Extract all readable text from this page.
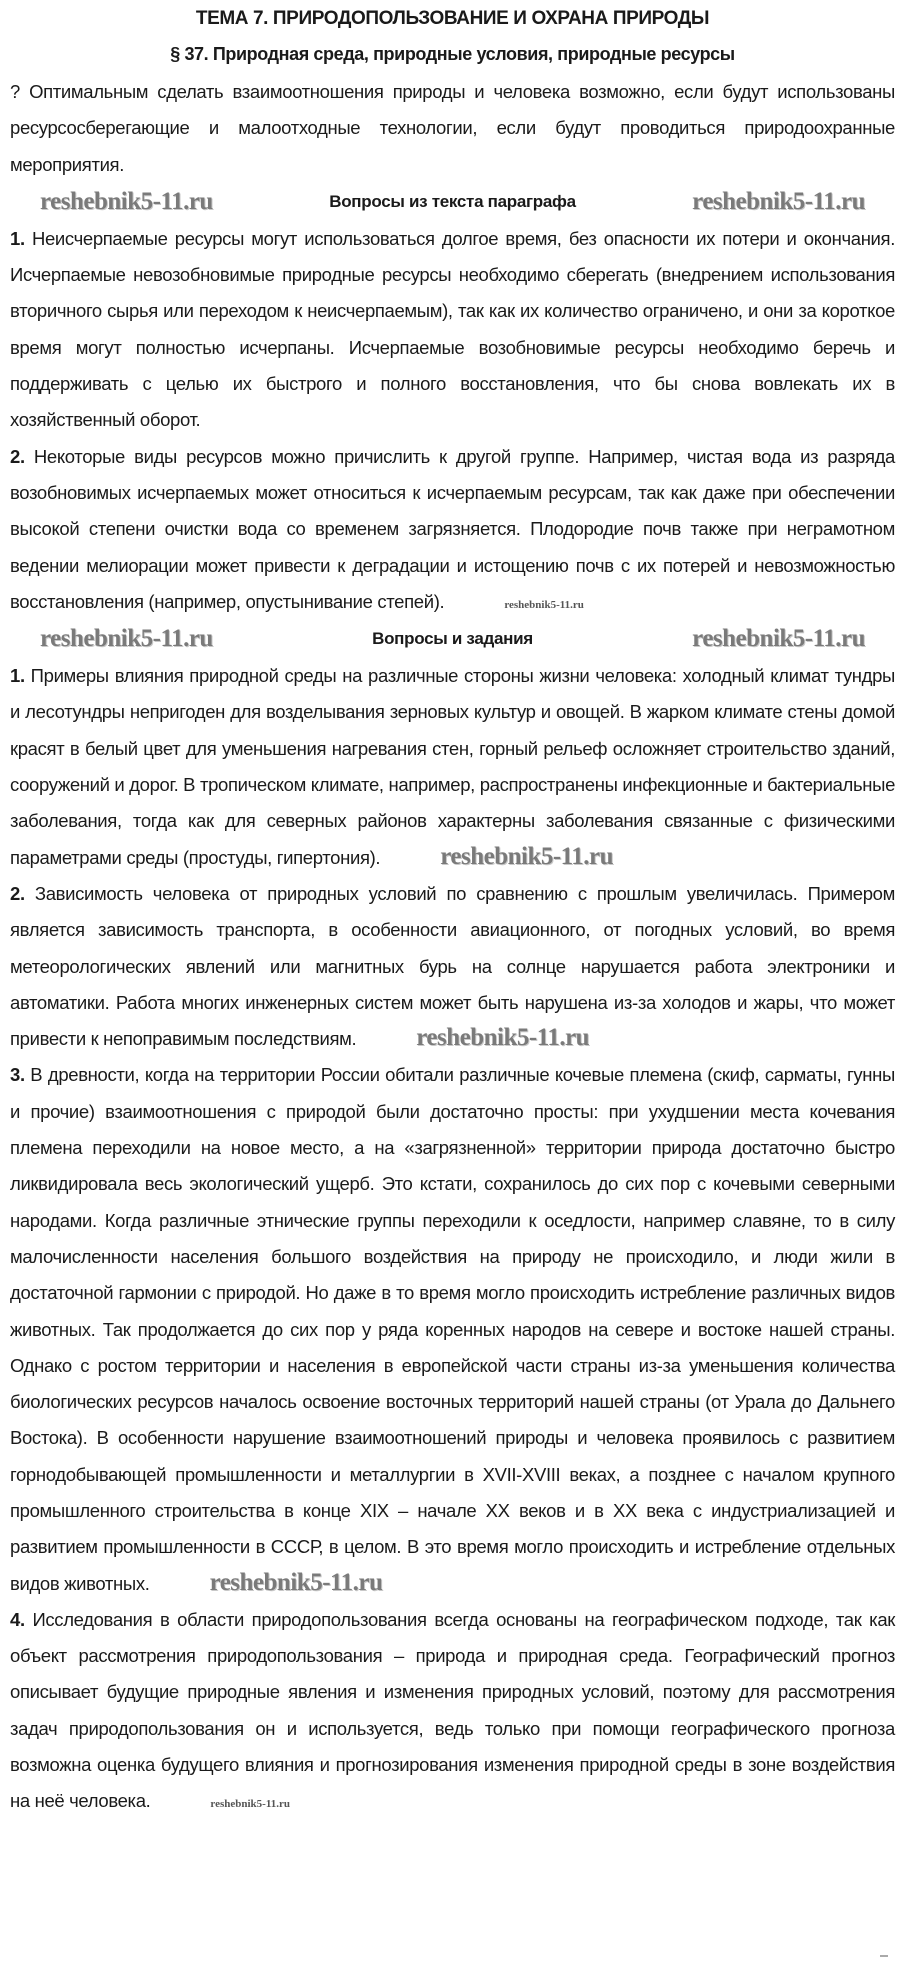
ТЕМА 7. ПРИРОДОПОЛЬЗОВАНИЕ И ОХРАНА ПРИРОДЫ
§ 37. Природная среда, природные условия, природные ресурсы

? Оптимальным сделать взаимоотношения природы и человека возможно, если будут использованы ресурсосберегающие и малоотходные технологии, если будут проводиться природоохранные мероприятия.

reshebnik5-11.ru	Вопросы из текста параграфа	reshebnik5-11.ru

1. Неисчерпаемые ресурсы могут использоваться долгое время, без опасности их потери и окончания. Исчерпаемые невозобновимые природные ресурсы необходимо сберегать (внедрением использования вторичного сырья или переходом к неисчерпаемым), так как их количество ограничено, и они за короткое время могут полностью исчерпаны. Исчерпаемые возобновимые ресурсы необходимо беречь и поддерживать с целью их быстрого и полного восстановления, что бы снова вовлекать их в хозяйственный оборот.

2. Некоторые виды ресурсов можно причислить к другой группе. Например, чистая вода из разряда возобновимых исчерпаемых может относиться к исчерпаемым ресурсам, так как даже при обеспечении высокой степени очистки вода со временем загрязняется. Плодородие почв также при неграмотном ведении мелиорации может привести к деградации и истощению почв с их потерей и невозможностью восстановления (например, опустынивание степей).	reshebnik5-11.ru

reshebnik5-11.ru	Вопросы и задания	reshebnik5-11.ru

1. Примеры влияния природной среды на различные стороны жизни человека: холодный климат тундры и лесотундры непригоден для возделывания зерновых культур и овощей. В жарком климате стены домой красят в белый цвет для уменьшения нагревания стен, горный рельеф осложняет строительство зданий, сооружений и дорог. В тропическом климате, например, распространены инфекционные и бактериальные заболевания, тогда как для северных районов характерны заболевания связанные с физическими параметрами среды (простуды, гипертония). reshebnik5-11.ru

2. Зависимость человека от природных условий по сравнению с прошлым увеличилась. Примером является зависимость транспорта, в особенности авиационного, от погодных условий, во время метеорологических явлений или магнитных бурь на солнце нарушается работа электроники и автоматики. Работа многих инженерных систем может быть нарушена из-за холодов и жары, что может привести к непоправимым последствиям. reshebnik5-11.ru

3. В древности, когда на территории России обитали различные кочевые племена (скиф, сарматы, гунны и прочие) взаимоотношения с природой были достаточно просты: при ухудшении места кочевания племена переходили на новое место, а на «загрязненной» территории природа достаточно быстро ликвидировала весь экологический ущерб. Это кстати, сохранилось до сих пор с кочевыми северными народами. Когда различные этнические группы переходили к оседлости, например славяне, то в силу малочисленности населения большого воздействия на природу не происходило, и люди жили в достаточной гармонии с природой. Но даже в то время могло происходить истребление различных видов животных. Так продолжается до сих пор у ряда коренных народов на севере и востоке нашей страны. Однако с ростом территории и населения в европейской части страны из-за уменьшения количества биологических ресурсов началось освоение восточных территорий нашей страны (от Урала до Дальнего Востока). В особенности нарушение взаимоотношений природы и человека проявилось с развитием горнодобывающей промышленности и металлургии в XVII-XVIII веках, а позднее с началом крупного промышленного строительства в конце XIX – начале XX веков и в XX века с индустриализацией и развитием промышленности в СССР, в целом. В это время могло происходить и истребление отдельных видов животных. reshebnik5-11.ru

4. Исследования в области природопользования всегда основаны на географическом подходе, так как объект рассмотрения природопользования – природа и природная среда. Географический прогноз описывает будущие природные явления и изменения природных условий, поэтому для рассмотрения задач природопользования он и используется, ведь только при помощи географического прогноза возможна оценка будущего влияния и прогнозирования изменения природной среды в зоне воздействия на неё человека.	reshebnik5-11.ru
